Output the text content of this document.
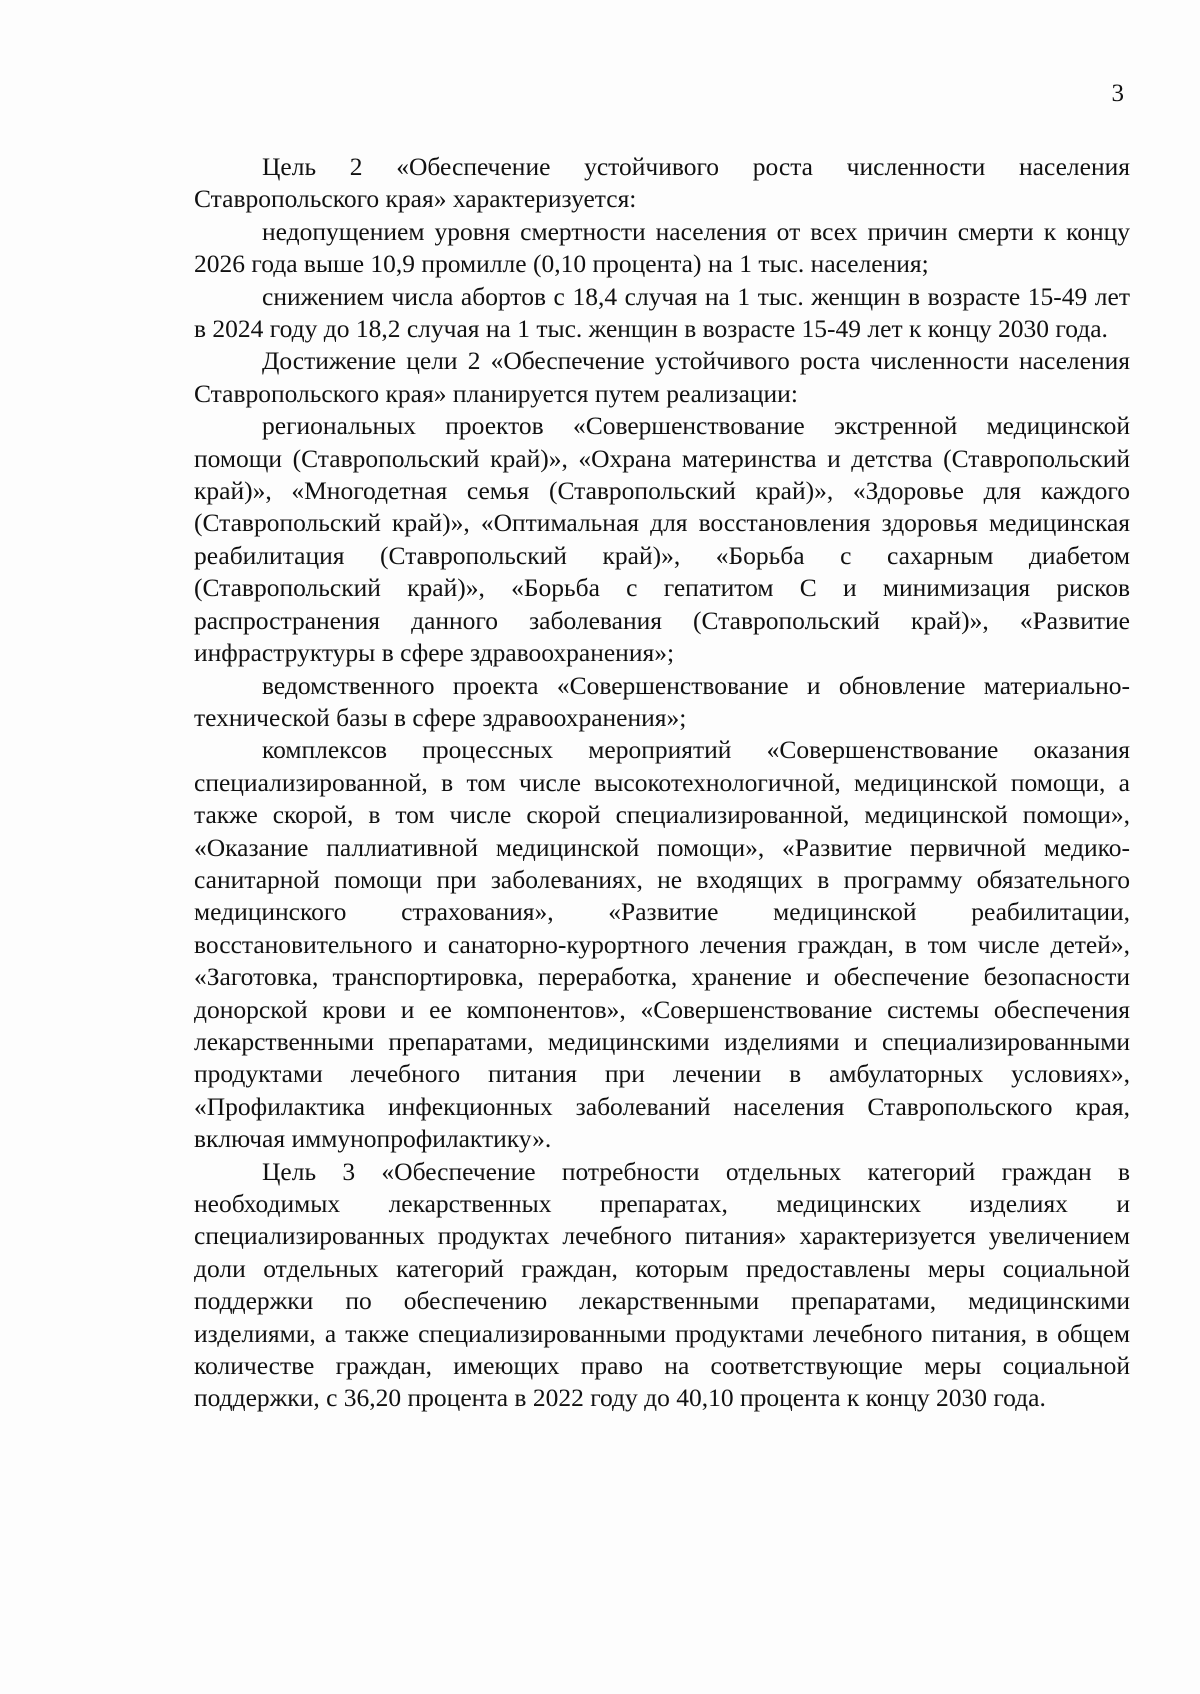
3

Цель 2 «Обеспечение устойчивого роста численности населения Ставропольского края» характеризуется:

недопущением уровня смертности населения от всех причин смерти к концу 2026 года выше 10,9 промилле (0,10 процента) на 1 тыс. населения;

снижением числа абортов с 18,4 случая на 1 тыс. женщин в возрасте 15-49 лет в 2024 году до 18,2 случая на 1 тыс. женщин в возрасте 15-49 лет к концу 2030 года.

Достижение цели 2 «Обеспечение устойчивого роста численности населения Ставропольского края» планируется путем реализации:

региональных проектов «Совершенствование экстренной медицинской помощи (Ставропольский край)», «Охрана материнства и детства (Ставропольский край)», «Многодетная семья (Ставропольский край)», «Здоровье для каждого (Ставропольский край)», «Оптимальная для восстановления здоровья медицинская реабилитация (Ставропольский край)», «Борьба с сахарным диабетом (Ставропольский край)», «Борьба с гепатитом С и минимизация рисков распространения данного заболевания (Ставропольский край)», «Развитие инфраструктуры в сфере здравоохранения»;

ведомственного проекта «Совершенствование и обновление материально-технической базы в сфере здравоохранения»;

комплексов процессных мероприятий «Совершенствование оказания специализированной, в том числе высокотехнологичной, медицинской помощи, а также скорой, в том числе скорой специализированной, медицинской помощи», «Оказание паллиативной медицинской помощи», «Развитие первичной медико-санитарной помощи при заболеваниях, не входящих в программу обязательного медицинского страхования», «Развитие медицинской реабилитации, восстановительного и санаторно-курортного лечения граждан, в том числе детей», «Заготовка, транспортировка, переработка, хранение и обеспечение безопасности донорской крови и ее компонентов», «Совершенствование системы обеспечения лекарственными препаратами, медицинскими изделиями и специализированными продуктами лечебного питания при лечении в амбулаторных условиях», «Профилактика инфекционных заболеваний населения Ставропольского края, включая иммунопрофилактику».

Цель 3 «Обеспечение потребности отдельных категорий граждан в необходимых лекарственных препаратах, медицинских изделиях и специализированных продуктах лечебного питания» характеризуется увеличением доли отдельных категорий граждан, которым предоставлены меры социальной поддержки по обеспечению лекарственными препаратами, медицинскими изделиями, а также специализированными продуктами лечебного питания, в общем количестве граждан, имеющих право на соответствующие меры социальной поддержки, с 36,20 процента в 2022 году до 40,10 процента к концу 2030 года.
